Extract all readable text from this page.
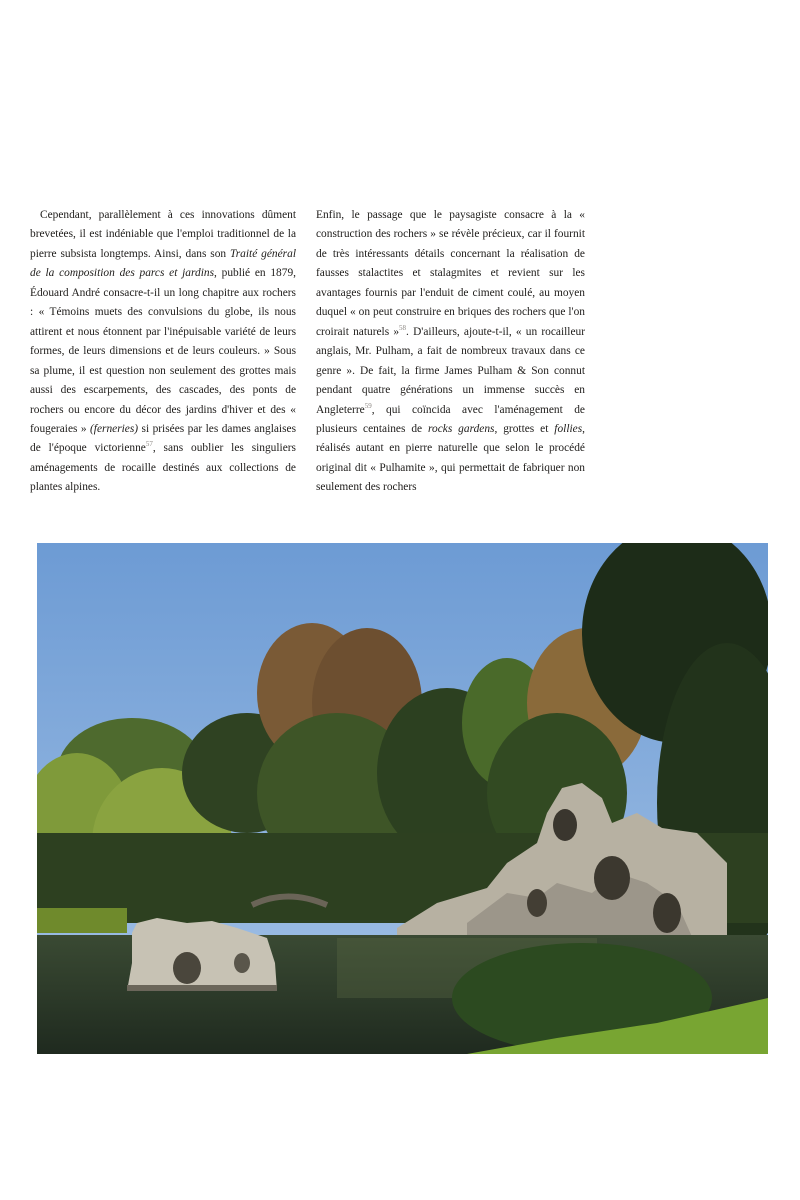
Cependant, parallèlement à ces innovations dûment brevetées, il est indéniable que l'emploi traditionnel de la pierre subsista longtemps. Ainsi, dans son Traité général de la composition des parcs et jardins, publié en 1879, Édouard André consacre-t-il un long chapitre aux rochers : « Témoins muets des convulsions du globe, ils nous attirent et nous étonnent par l'inépuisable variété de leurs formes, de leurs dimensions et de leurs couleurs. » Sous sa plume, il est question non seulement des grottes mais aussi des escarpements, des cascades, des ponts de rochers ou encore du décor des jardins d'hiver et des « fougeraies » (ferneries) si prisées par les dames anglaises de l'époque victorienne$^{57}$, sans oublier les singuliers aménagements de rocaille destinés aux collections de plantes alpines.

Enfin, le passage que le paysagiste consacre à la « construction des rochers » se révèle précieux, car il fournit de très intéressants détails concernant la réalisation de fausses stalactites et stalagmites et revient sur les avantages fournis par l'enduit de ciment coulé, au moyen duquel « on peut construire en briques des rochers que l'on croirait naturels »$^{58}$. D'ailleurs, ajoute-t-il, « un rocailleur anglais, Mr. Pulham, a fait de nombreux travaux dans ce genre ». De fait, la firme James Pulham & Son connut pendant quatre générations un immense succès en Angleterre$^{59}$, qui coïncida avec l'aménagement de plusieurs centaines de rocks gardens, grottes et follies, réalisés autant en pierre naturelle que selon le procédé original dit « Pulhamite », qui permettait de fabriquer non seulement des rochers
